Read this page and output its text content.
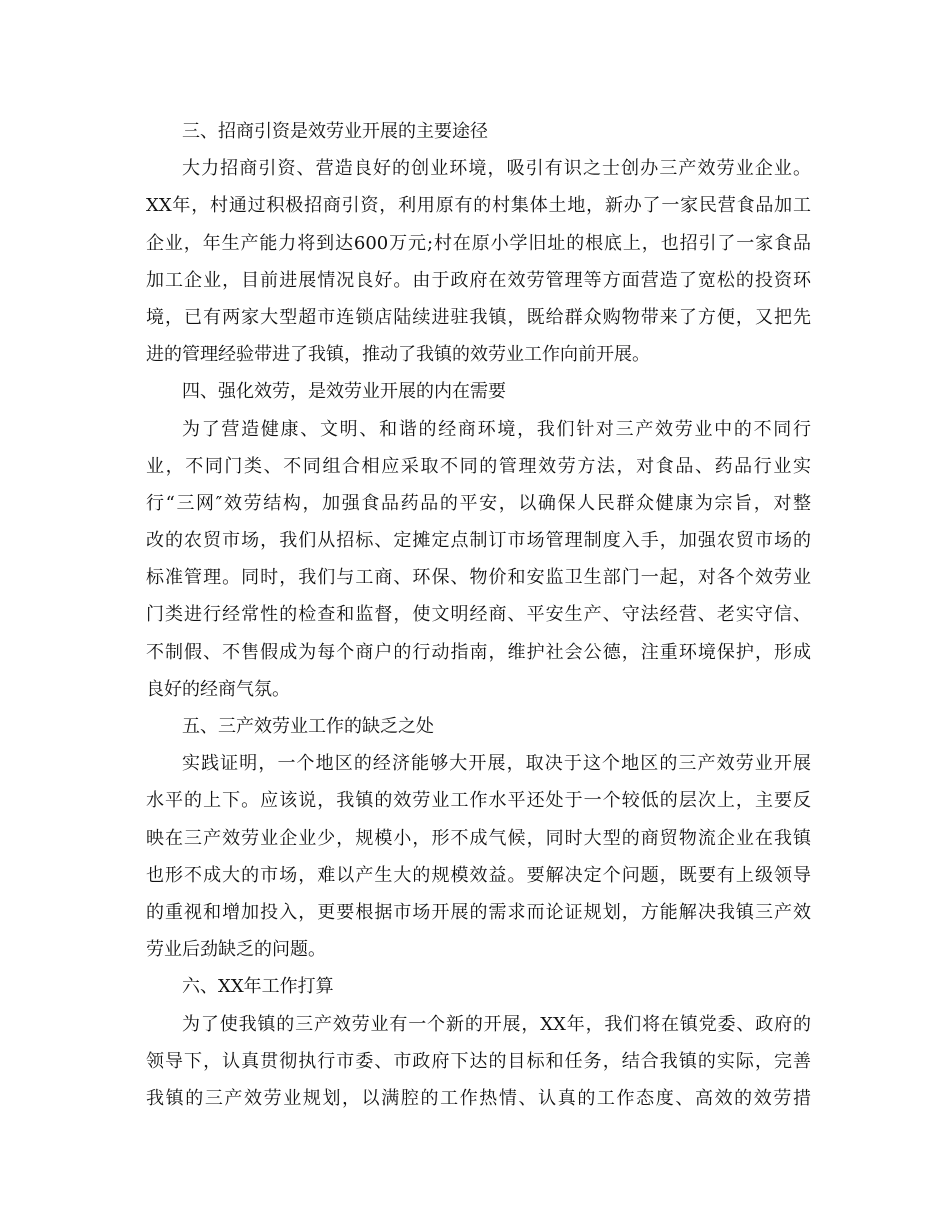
三、招商引资是效劳业开展的主要途径
大力招商引资、营造良好的创业环境，吸引有识之士创办三产效劳业企业。
XX年，村通过积极招商引资，利用原有的村集体土地，新办了一家民营食品加工
企业，年生产能力将到达600万元;村在原小学旧址的根底上，也招引了一家食品
加工企业，目前进展情况良好。由于政府在效劳管理等方面营造了宽松的投资环
境，已有两家大型超市连锁店陆续进驻我镇，既给群众购物带来了方便，又把先
进的管理经验带进了我镇，推动了我镇的效劳业工作向前开展。
四、强化效劳，是效劳业开展的内在需要
为了营造健康、文明、和谐的经商环境，我们针对三产效劳业中的不同行
业，不同门类、不同组合相应采取不同的管理效劳方法，对食品、药品行业实
行“三网″效劳结构，加强食品药品的平安，以确保人民群众健康为宗旨，对整
改的农贸市场，我们从招标、定摊定点制订市场管理制度入手，加强农贸市场的
标准管理。同时，我们与工商、环保、物价和安监卫生部门一起，对各个效劳业
门类进行经常性的检查和监督，使文明经商、平安生产、守法经营、老实守信、
不制假、不售假成为每个商户的行动指南，维护社会公德，注重环境保护，形成
良好的经商气氛。
五、三产效劳业工作的缺乏之处
实践证明，一个地区的经济能够大开展，取决于这个地区的三产效劳业开展
水平的上下。应该说，我镇的效劳业工作水平还处于一个较低的层次上，主要反
映在三产效劳业企业少，规模小，形不成气候，同时大型的商贸物流企业在我镇
也形不成大的市场，难以产生大的规模效益。要解决定个问题，既要有上级领导
的重视和增加投入，更要根据市场开展的需求而论证规划，方能解决我镇三产效
劳业后劲缺乏的问题。
六、XX年工作打算
为了使我镇的三产效劳业有一个新的开展，XX年，我们将在镇党委、政府的
领导下，认真贯彻执行市委、市政府下达的目标和任务，结合我镇的实际，完善
我镇的三产效劳业规划，以满腔的工作热情、认真的工作态度、高效的效劳措
